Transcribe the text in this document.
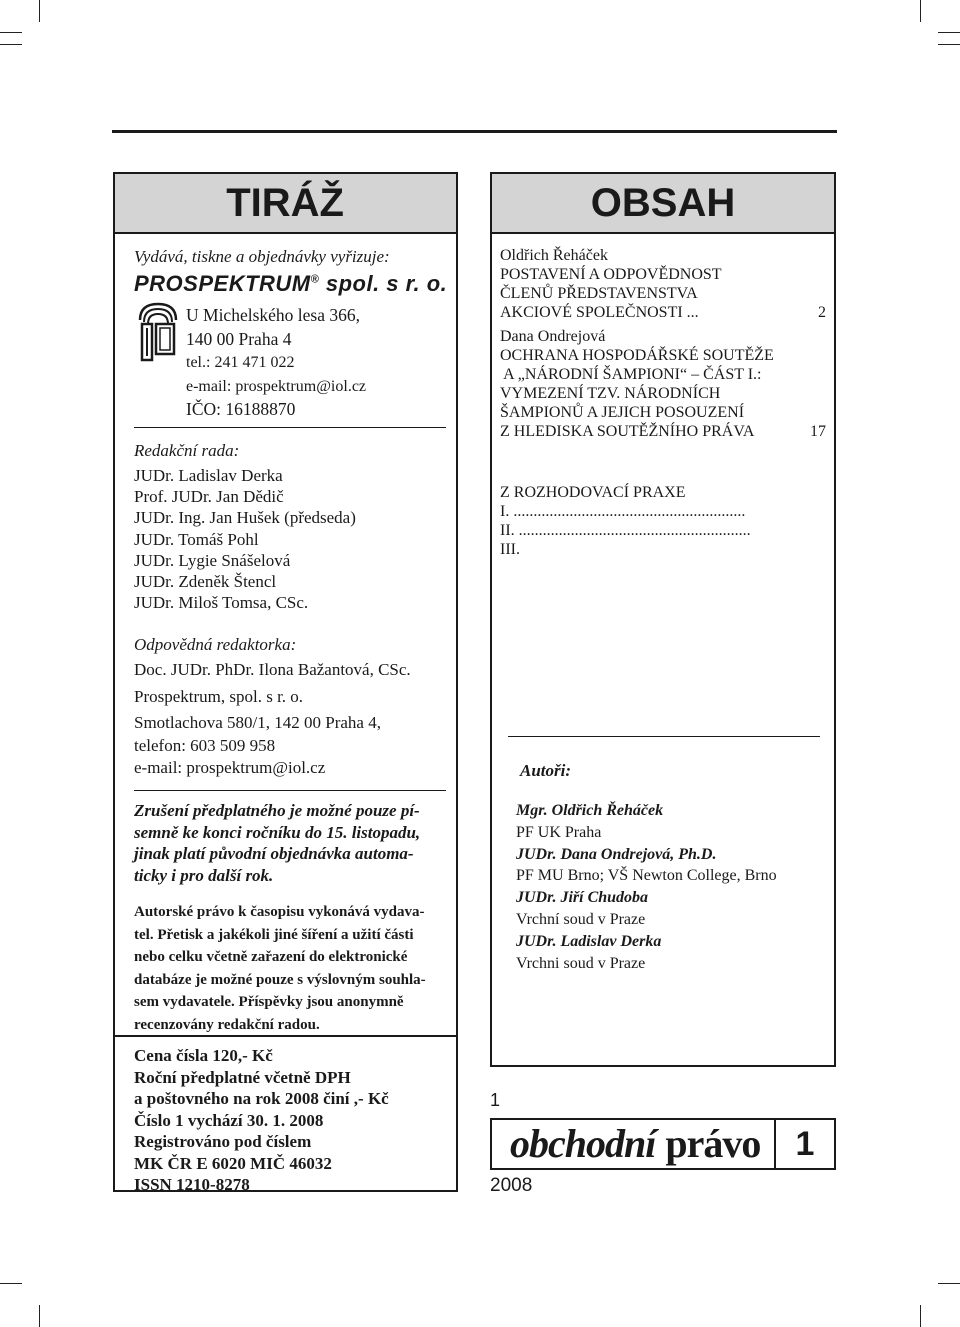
TIRÁŽ

Vydává, tiskne a objednávky vyřizuje:

PROSPEKTRUM® spol. s r. o.
U Michelského lesa 366,
140 00 Praha 4
tel.: 241 471 022
e-mail: prospektrum@iol.cz
IČO: 16188870

Redakční rada:

JUDr. Ladislav Derka
Prof. JUDr. Jan Dědič
JUDr. Ing. Jan Hušek (předseda)
JUDr. Tomáš Pohl
JUDr. Lygie Snášelová
JUDr. Zdeněk Štencl
JUDr. Miloš Tomsa, CSc.

Odpovědná redaktorka:

Doc. JUDr. PhDr. Ilona Bažantová, CSc.
Prospektrum, spol. s r. o.
Smotlachova 580/1, 142 00 Praha 4,
telefon: 603 509 958
e-mail: prospektrum@iol.cz
Zrušení předplatného je možné pouze pí-
semně ke konci ročníku do 15. listopadu,
jinak platí původní objednávka automa-
ticky i pro další rok.
Autorské právo k časopisu vykonává vydava-
tel. Přetisk a jakékoli jiné šíření a užití části
nebo celku včetně zařazení do elektronické
databáze je možné pouze s výslovným souhla-
sem vydavatele. Příspěvky jsou anonymně
recenzovány redakční radou.
Cena čísla 120,- Kč
Roční předplatné včetně DPH
a poštovného na rok 2008 činí ,- Kč
Číslo 1 vychází 30. 1. 2008
Registrováno pod číslem
MK ČR E 6020 MIČ 46032
ISSN 1210-8278
OBSAH
Oldřich Řeháček
POSTAVENÍ A ODPOVĚDNOST
ČLENŮ PŘEDSTAVENSTVA
AKCIOVÉ SPOLEČNOSTI ...	2
Dana Ondrejová
OCHRANA HOSPODÁŘSKÉ SOUTĚŽE
A „NÁRODNÍ ŠAMPIONI“ – ČÁST I.:
VYMEZENÍ TZV. NÁRODNÍCH
ŠAMPIONŮ A JEJICH POSOUZENÍ
Z HLEDISKA SOUTĚŽNÍHO PRÁVA	17
Z ROZHODOVACÍ PRAXE
I. ..........................................................
II. ..........................................................
III.

Autoři:

Mgr. Oldřich Řeháček
PF UK Praha
JUDr. Dana Ondrejová, Ph.D.
PF MU Brno; VŠ Newton College, Brno
JUDr. Jiří Chudoba
Vrchní soud v Praze
JUDr. Ladislav Derka
Vrchni soud v Praze
1
obchodní právo	1
2008
